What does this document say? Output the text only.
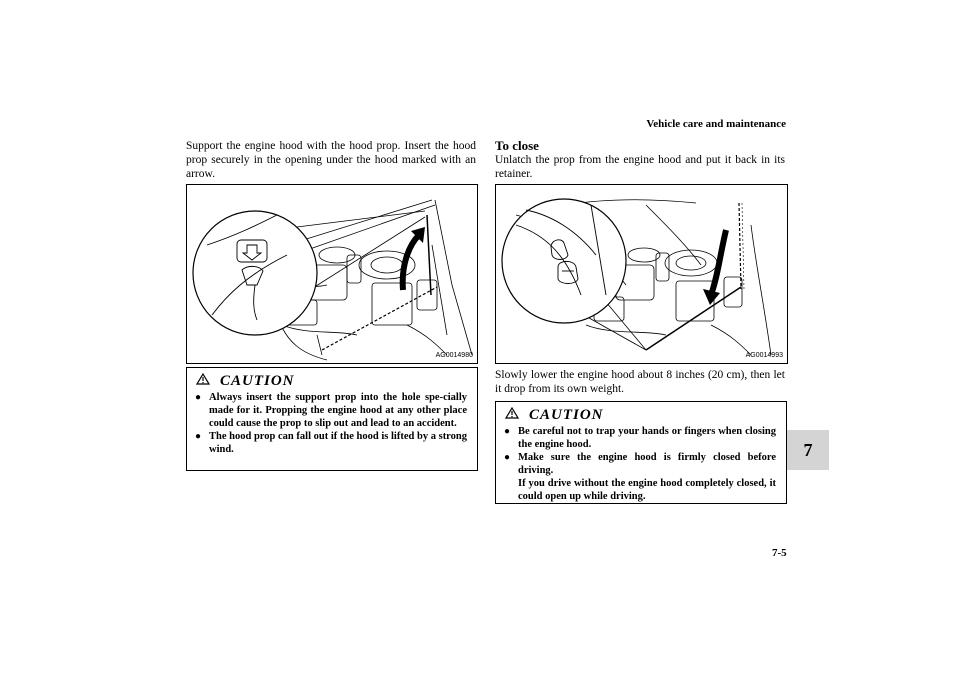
Vehicle care and maintenance
Support the engine hood with the hood prop. Insert the hood prop securely in the opening under the hood marked with an arrow.
AG0014980
CAUTION
● Always insert the support prop into the hole spe-cially made for it. Propping the engine hood at any other place could cause the prop to slip out and lead to an accident.
● The hood prop can fall out if the hood is lifted by a strong wind.
To close
Unlatch the prop from the engine hood and put it back in its retainer.
AG0014993
Slowly lower the engine hood about 8 inches (20 cm), then let it drop from its own weight.
CAUTION
● Be careful not to trap your hands or fingers when closing the engine hood.
● Make sure the engine hood is firmly closed before driving.
If you drive without the engine hood completely closed, it could open up while driving.
7
7-5
